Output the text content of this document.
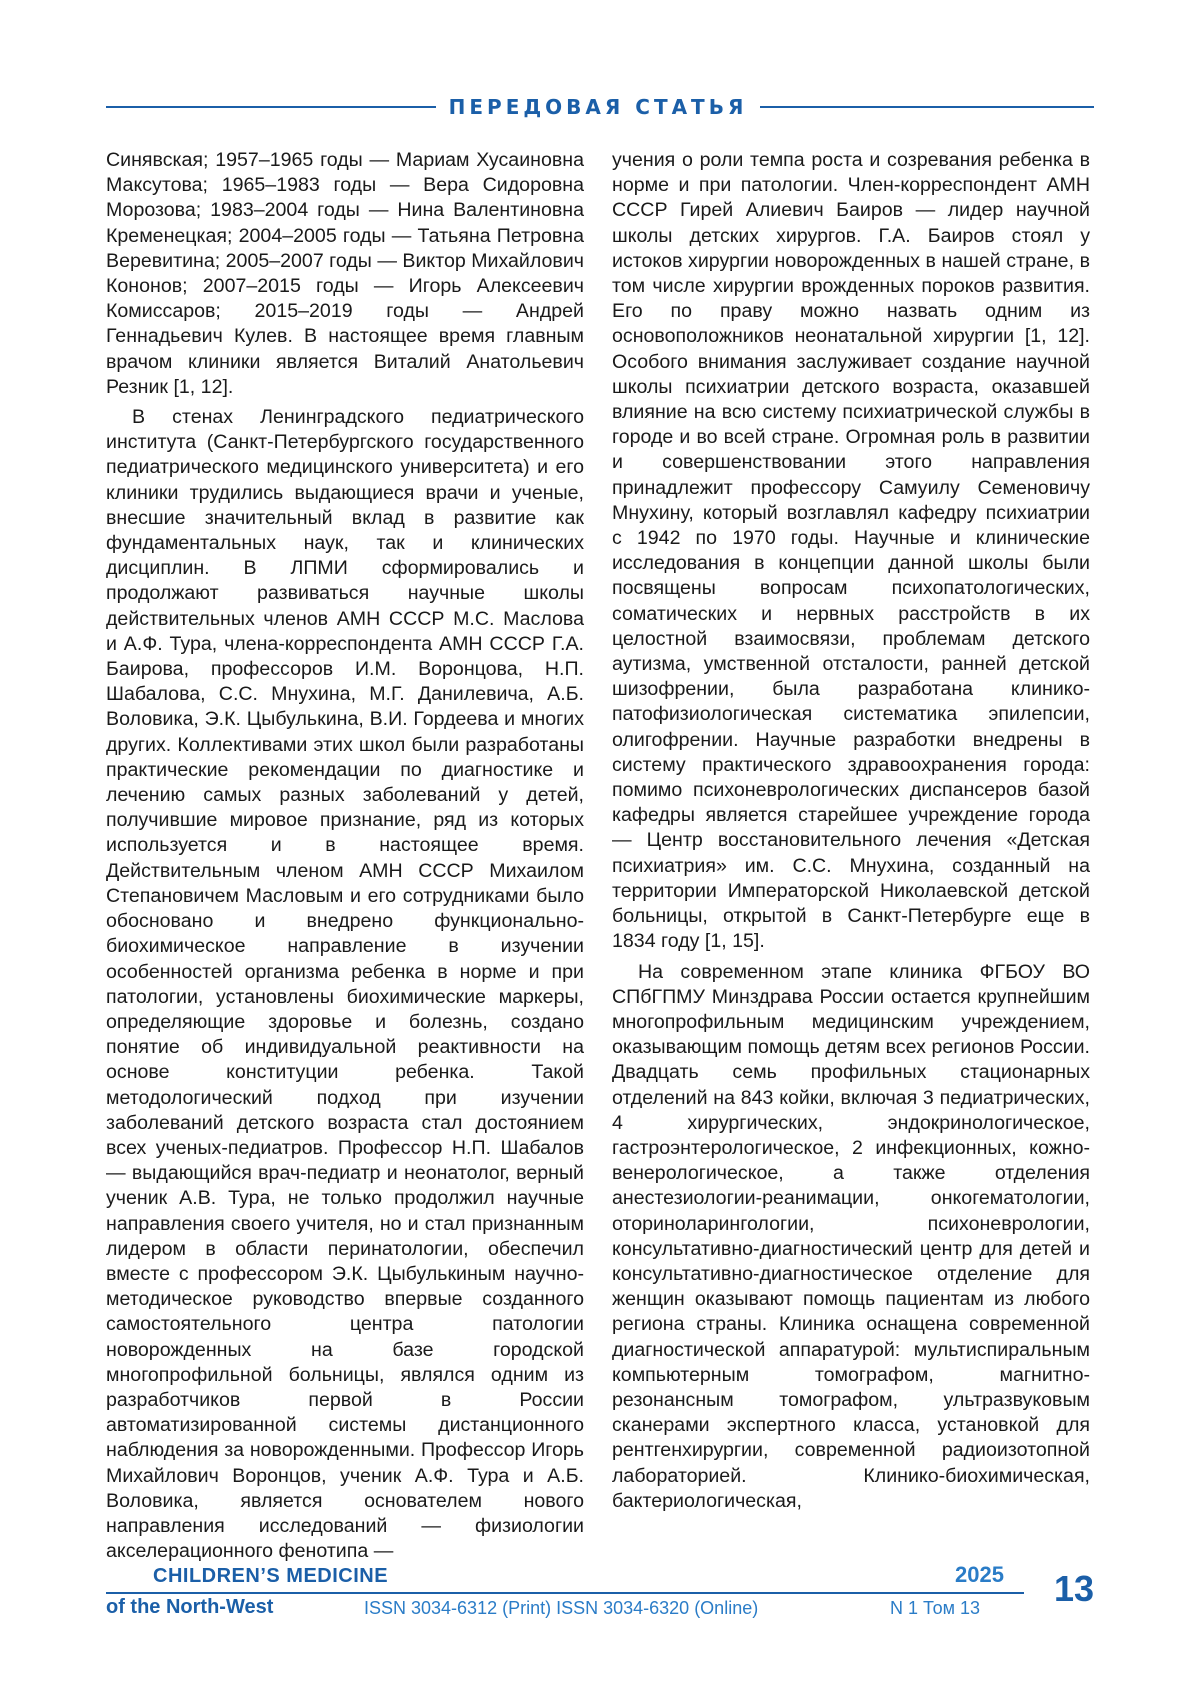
ПЕРЕДОВАЯ СТАТЬЯ

Синявская; 1957–1965 годы — Мариам Хусаиновна Максутова; 1965–1983 годы — Вера Сидоровна Морозова; 1983–2004 годы — Нина Валентиновна Кременецкая; 2004–2005 годы — Татьяна Петровна Веревитина; 2005–2007 годы — Виктор Михайлович Кононов; 2007–2015 годы — Игорь Алексеевич Комиссаров; 2015–2019 годы — Андрей Геннадьевич Кулев. В настоящее время главным врачом клиники является Виталий Анатольевич Резник [1, 12].

В стенах Ленинградского педиатрического института (Санкт-Петербургского государственного педиатрического медицинского университета) и его клиники трудились выдающиеся врачи и ученые, внесшие значительный вклад в развитие как фундаментальных наук, так и клинических дисциплин. В ЛПМИ сформировались и продолжают развиваться научные школы действительных членов АМН СССР М.С. Маслова и А.Ф. Тура, члена-корреспондента АМН СССР Г.А. Баирова, профессоров И.М. Воронцова, Н.П. Шабалова, С.С. Мнухина, М.Г. Данилевича, А.Б. Воловика, Э.К. Цыбулькина, В.И. Гордеева и многих других. Коллективами этих школ были разработаны практические рекомендации по диагностике и лечению самых разных заболеваний у детей, получившие мировое признание, ряд из которых используется и в настоящее время. Действительным членом АМН СССР Михаилом Степановичем Масловым и его сотрудниками было обосновано и внедрено функционально-биохимическое направление в изучении особенностей организма ребенка в норме и при патологии, установлены биохимические маркеры, определяющие здоровье и болезнь, создано понятие об индивидуальной реактивности на основе конституции ребенка. Такой методологический подход при изучении заболеваний детского возраста стал достоянием всех ученых-педиатров. Профессор Н.П. Шабалов — выдающийся врач-педиатр и неонатолог, верный ученик А.В. Тура, не только продолжил научные направления своего учителя, но и стал признанным лидером в области перинатологии, обеспечил вместе с профессором Э.К. Цыбулькиным научно-методическое руководство впервые созданного самостоятельного центра патологии новорожденных на базе городской многопрофильной больницы, являлся одним из разработчиков первой в России автоматизированной системы дистанционного наблюдения за новорожденными. Профессор Игорь Михайлович Воронцов, ученик А.Ф. Тура и А.Б. Воловика, является основателем нового направления исследований — физиологии акселерационного фенотипа —

учения о роли темпа роста и созревания ребенка в норме и при патологии. Член-корреспондент АМН СССР Гирей Алиевич Баиров — лидер научной школы детских хирургов. Г.А. Баиров стоял у истоков хирургии новорожденных в нашей стране, в том числе хирургии врожденных пороков развития. Его по праву можно назвать одним из основоположников неонатальной хирургии [1, 12]. Особого внимания заслуживает создание научной школы психиатрии детского возраста, оказавшей влияние на всю систему психиатрической службы в городе и во всей стране. Огромная роль в развитии и совершенствовании этого направления принадлежит профессору Самуилу Семеновичу Мнухину, который возглавлял кафедру психиатрии с 1942 по 1970 годы. Научные и клинические исследования в концепции данной школы были посвящены вопросам психопатологических, соматических и нервных расстройств в их целостной взаимосвязи, проблемам детского аутизма, умственной отсталости, ранней детской шизофрении, была разработана клинико-патофизиологическая систематика эпилепсии, олигофрении. Научные разработки внедрены в систему практического здравоохранения города: помимо психоневрологических диспансеров базой кафедры является старейшее учреждение города — Центр восстановительного лечения «Детская психиатрия» им. С.С. Мнухина, созданный на территории Императорской Николаевской детской больницы, открытой в Санкт-Петербурге еще в 1834 году [1, 15].

На современном этапе клиника ФГБОУ ВО СПбГПМУ Минздрава России остается крупнейшим многопрофильным медицинским учреждением, оказывающим помощь детям всех регионов России. Двадцать семь профильных стационарных отделений на 843 койки, включая 3 педиатрических, 4 хирургических, эндокринологическое, гастроэнтерологическое, 2 инфекционных, кожно-венерологическое, а также отделения анестезиологии-реанимации, онкогематологии, оториноларингологии, психоневрологии, консультативно-диагностический центр для детей и консультативно-диагностическое отделение для женщин оказывают помощь пациентам из любого региона страны. Клиника оснащена современной диагностической аппаратурой: мультиспиральным компьютерным томографом, магнитно-резонансным томографом, ультразвуковым сканерами экспертного класса, установкой для рентгенхирургии, современной радиоизотопной лабораторией. Клинико-биохимическая, бактериологическая,

CHILDREN’S MEDICINE	2025
of the North-West	ISSN 3034-6312 (Print) ISSN 3034-6320 (Online)	N 1 Том 13 13
